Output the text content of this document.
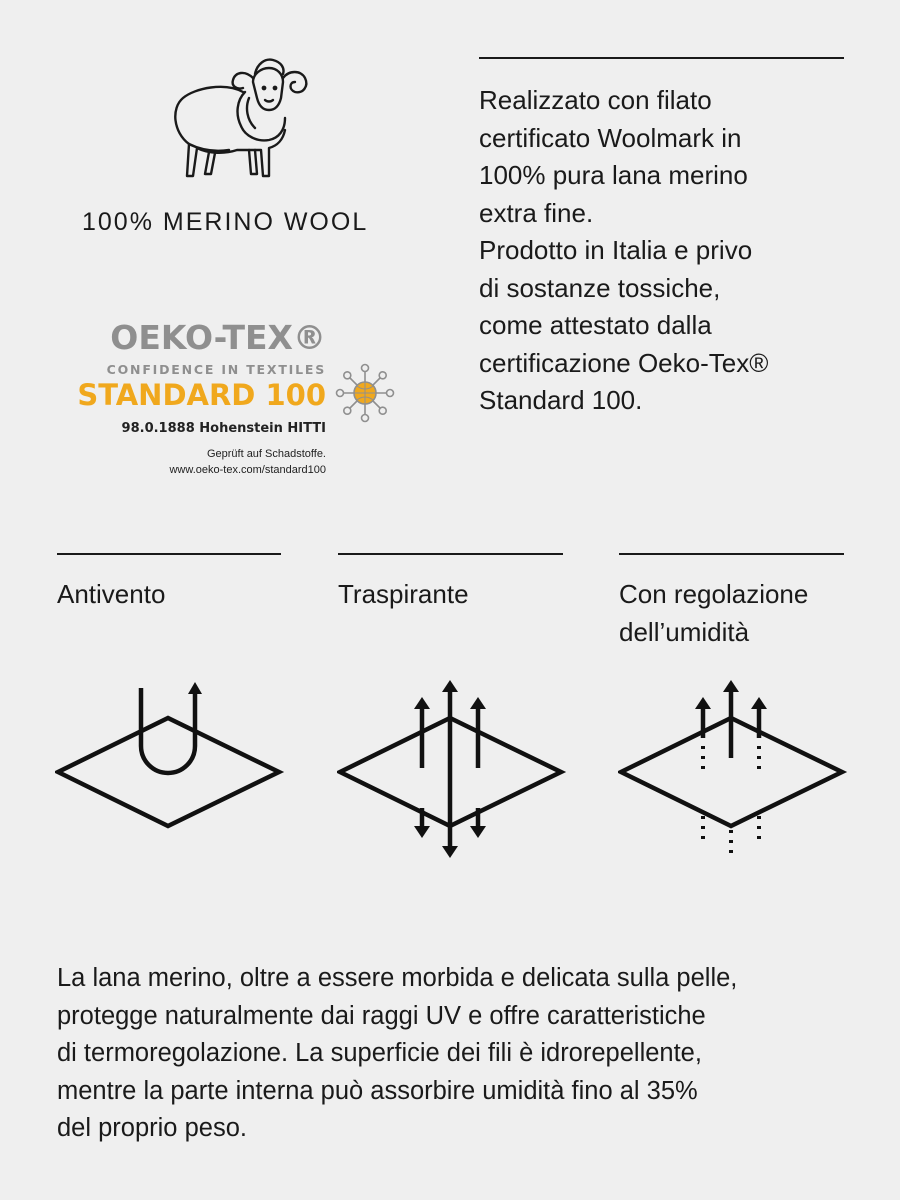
100% MERINO WOOL
OEKO-TEX®
CONFIDENCE IN TEXTILES
STANDARD 100
98.0.1888 Hohenstein HITTI
Geprüft auf Schadstoffe.
www.oeko-tex.com/standard100
Realizzato con filato
certificato Woolmark in
100% pura lana merino
extra fine.
Prodotto in Italia e privo
di sostanze tossiche,
come attestato dalla
certificazione Oeko-Tex®
Standard 100.
Antivento	Traspirante	Con regolazione
dell’umidità
La lana merino, oltre a essere morbida e delicata sulla pelle,
protegge naturalmente dai raggi UV e offre caratteristiche
di termoregolazione. La superficie dei fili è idrorepellente,
mentre la parte interna può assorbire umidità fino al 35%
del proprio peso.
